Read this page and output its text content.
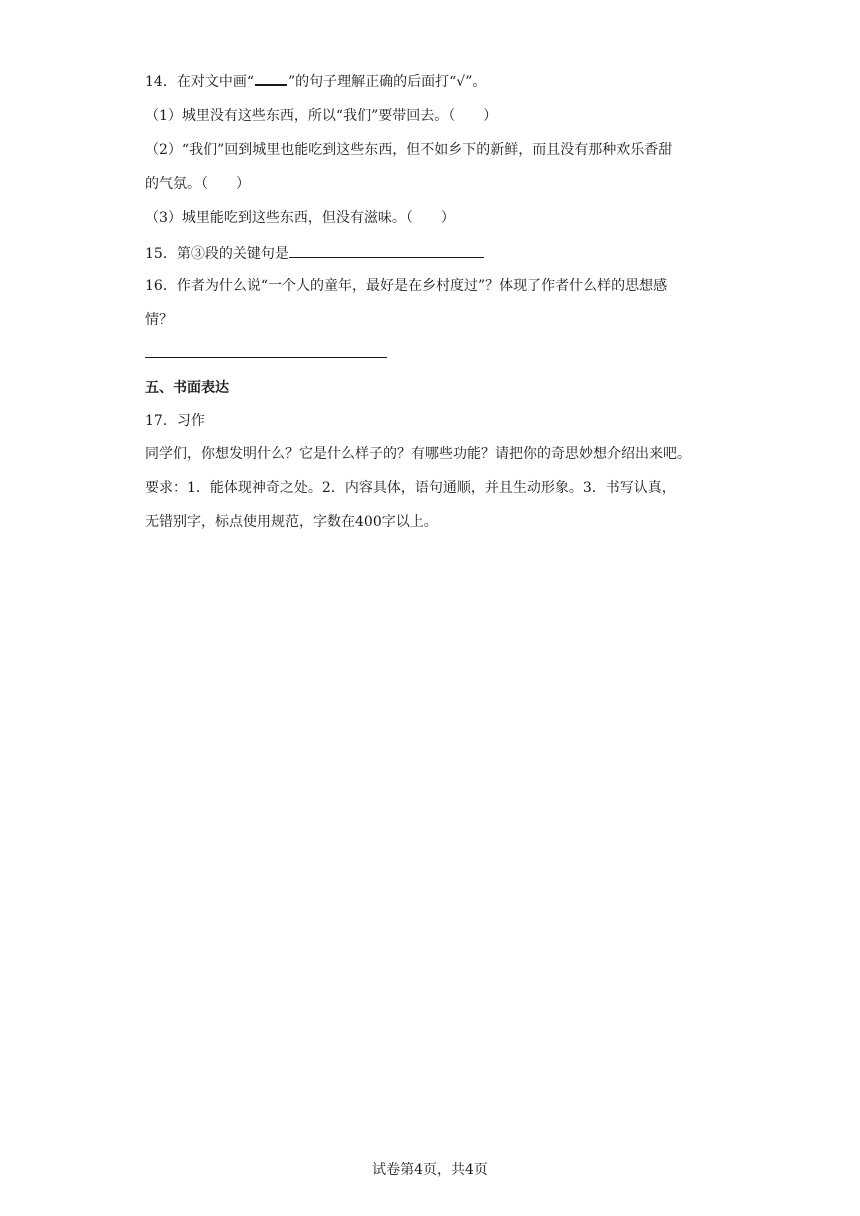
14．在对文中画“ ”的句子理解正确的后面打“√”。
（1）城里没有这些东西，所以“我们”要带回去。（　　）
（2）“我们”回到城里也能吃到这些东西，但不如乡下的新鲜，而且没有那种欢乐香甜
的气氛。（　　）
（3）城里能吃到这些东西，但没有滋味。（　　）
15．第③段的关键句是
16．作者为什么说“一个人的童年，最好是在乡村度过”？体现了作者什么样的思想感
情？
五、书面表达
17．习作
同学们，你想发明什么？它是什么样子的？有哪些功能？请把你的奇思妙想介绍出来吧。
要求：1．能体现神奇之处。2．内容具体，语句通顺，并且生动形象。3．书写认真，
无错别字，标点使用规范，字数在400字以上。
试卷第4页，共4页
